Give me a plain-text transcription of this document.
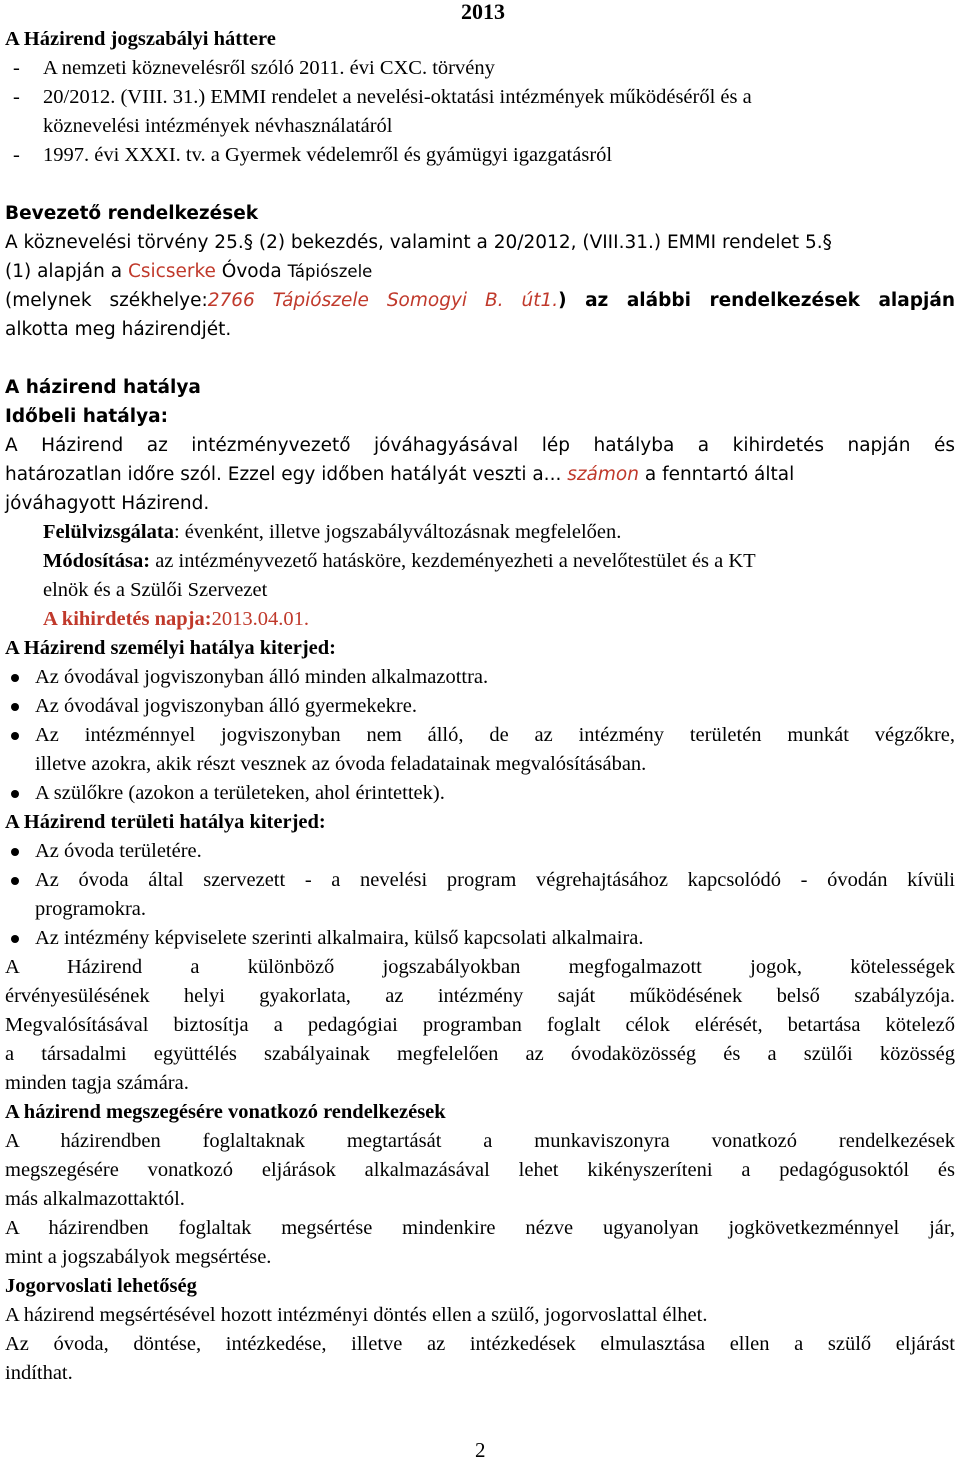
2013
A Házirend jogszabályi háttere
-	A nemzeti köznevelésről szóló 2011. évi CXC. törvény
-	20/2012. (VIII. 31.) EMMI rendelet a nevelési-oktatási intézmények működéséről és a
köznevelési intézmények névhasználatáról
-	1997. évi XXXI. tv. a Gyermek védelemről és gyámügyi igazgatásról
Bevezető rendelkezések
A köznevelési törvény 25.§ (2) bekezdés, valamint a 20/2012, (VIII.31.) EMMI rendelet 5.§
(1) alapján a Csicserke Óvoda Tápiószele
(melynek székhelye:2766 Tápiószele Somogyi B. út1.) az alábbi rendelkezések alapján
alkotta meg házirendjét.
A házirend hatálya
Időbeli hatálya:
A Házirend az intézményvezető jóváhagyásával lép hatályba a kihirdetés napján és
határozatlan időre szól. Ezzel egy időben hatályát veszti a... számon a fenntartó által
jóváhagyott Házirend.
Felülvizsgálata: évenként, illetve jogszabályváltozásnak megfelelően.
Módosítása: az intézményvezető hatásköre, kezdeményezheti a nevelőtestület és a KT
elnök és a Szülői Szervezet
A kihirdetés napja:2013.04.01.
A Házirend személyi hatálya kiterjed:
Az óvodával jogviszonyban álló minden alkalmazottra.
Az óvodával jogviszonyban álló gyermekekre.
Az intézménnyel jogviszonyban nem álló, de az intézmény területén munkát végzőkre,
illetve azokra, akik részt vesznek az óvoda feladatainak megvalósításában.
A szülőkre (azokon a területeken, ahol érintettek).
A Házirend területi hatálya kiterjed:
Az óvoda területére.
Az óvoda által szervezett - a nevelési program végrehajtásához kapcsolódó - óvodán kívüli
programokra.
Az intézmény képviselete szerinti alkalmaira, külső kapcsolati alkalmaira.
A Házirend a különböző jogszabályokban megfogalmazott jogok, kötelességek
érvényesülésének helyi gyakorlata, az intézmény saját működésének belső szabályzója.
Megvalósításával biztosítja a pedagógiai programban foglalt célok elérését, betartása kötelező
a társadalmi együttélés szabályainak megfelelően az óvodaközösség és a szülői közösség
minden tagja számára.
A házirend megszegésére vonatkozó rendelkezések
A házirendben foglaltaknak megtartását a munkaviszonyra vonatkozó rendelkezések
megszegésére vonatkozó eljárások alkalmazásával lehet kikényszeríteni a pedagógusoktól és
más alkalmazottaktól.
A házirendben foglaltak megsértése mindenkire nézve ugyanolyan jogkövetkezménnyel jár,
mint a jogszabályok megsértése.
Jogorvoslati lehetőség
A házirend megsértésével hozott intézményi döntés ellen a szülő, jogorvoslattal élhet.
Az óvoda, döntése, intézkedése, illetve az intézkedések elmulasztása ellen a szülő eljárást
indíthat.
2
